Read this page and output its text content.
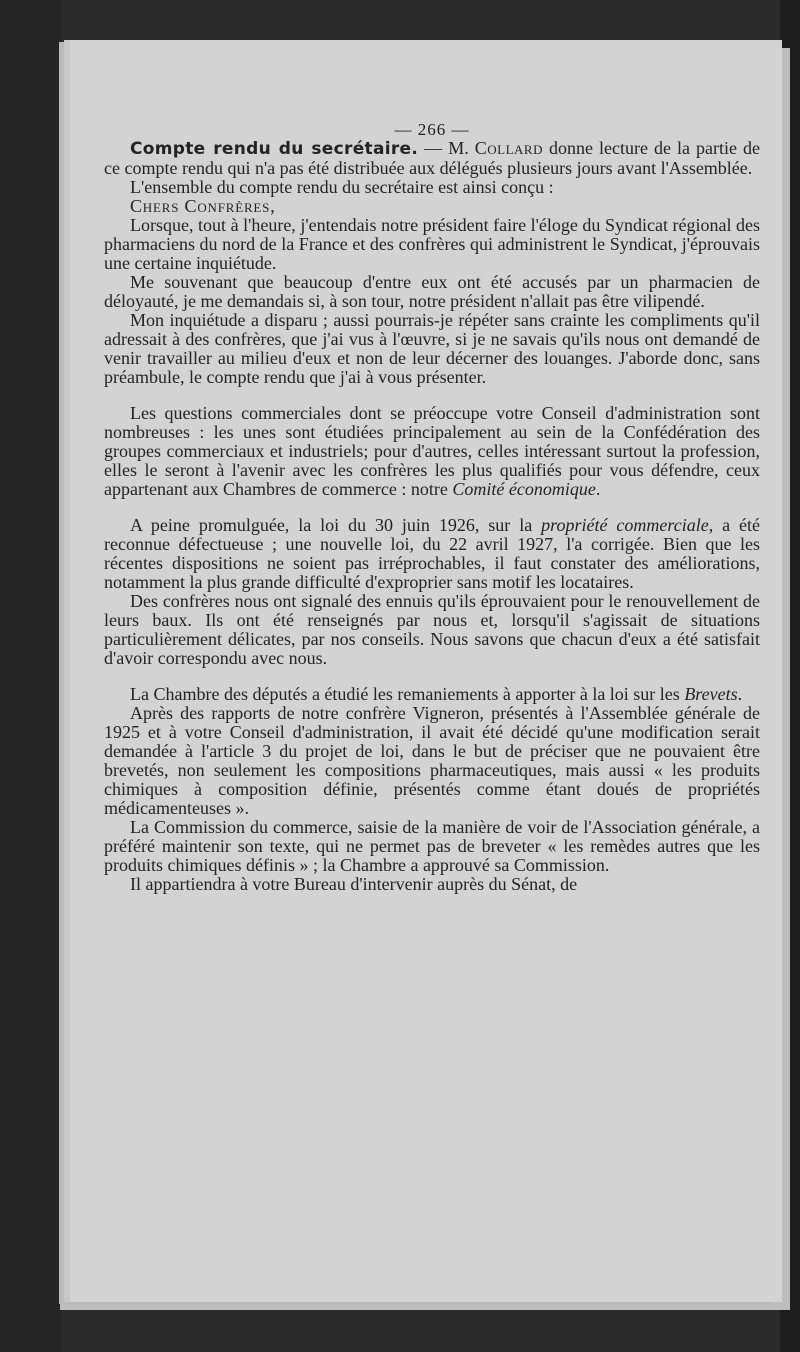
— 266 —

Compte rendu du secrétaire. — M. Collard donne lecture de la partie de ce compte rendu qui n'a pas été distribuée aux délégués plusieurs jours avant l'Assemblée.

L'ensemble du compte rendu du secrétaire est ainsi conçu :

Chers Confrères,

Lorsque, tout à l'heure, j'entendais notre président faire l'éloge du Syndicat régional des pharmaciens du nord de la France et des confrères qui administrent le Syndicat, j'éprouvais une certaine inquiétude.

Me souvenant que beaucoup d'entre eux ont été accusés par un pharmacien de déloyauté, je me demandais si, à son tour, notre président n'allait pas être vilipendé.

Mon inquiétude a disparu ; aussi pourrais-je répéter sans crainte les compliments qu'il adressait à des confrères, que j'ai vus à l'œuvre, si je ne savais qu'ils nous ont demandé de venir travailler au milieu d'eux et non de leur décerner des louanges. J'aborde donc, sans préambule, le compte rendu que j'ai à vous présenter.

Les questions commerciales dont se préoccupe votre Conseil d'administration sont nombreuses : les unes sont étudiées principalement au sein de la Confédération des groupes commerciaux et industriels; pour d'autres, celles intéressant surtout la profession, elles le seront à l'avenir avec les confrères les plus qualifiés pour vous défendre, ceux appartenant aux Chambres de commerce : notre Comité économique.

A peine promulguée, la loi du 30 juin 1926, sur la propriété commerciale, a été reconnue défectueuse ; une nouvelle loi, du 22 avril 1927, l'a corrigée. Bien que les récentes dispositions ne soient pas irréprochables, il faut constater des améliorations, notamment la plus grande difficulté d'exproprier sans motif les locataires.

Des confrères nous ont signalé des ennuis qu'ils éprouvaient pour le renouvellement de leurs baux. Ils ont été renseignés par nous et, lorsqu'il s'agissait de situations particulièrement délicates, par nos conseils. Nous savons que chacun d'eux a été satisfait d'avoir correspondu avec nous.

La Chambre des députés a étudié les remaniements à apporter à la loi sur les Brevets.

Après des rapports de notre confrère Vigneron, présentés à l'Assemblée générale de 1925 et à votre Conseil d'administration, il avait été décidé qu'une modification serait demandée à l'article 3 du projet de loi, dans le but de préciser que ne pouvaient être brevetés, non seulement les compositions pharmaceutiques, mais aussi « les produits chimiques à composition définie, présentés comme étant doués de propriétés médicamenteuses ».

La Commission du commerce, saisie de la manière de voir de l'Association générale, a préféré maintenir son texte, qui ne permet pas de breveter « les remèdes autres que les produits chimiques définis » ; la Chambre a approuvé sa Commission.

Il appartiendra à votre Bureau d'intervenir auprès du Sénat, de
